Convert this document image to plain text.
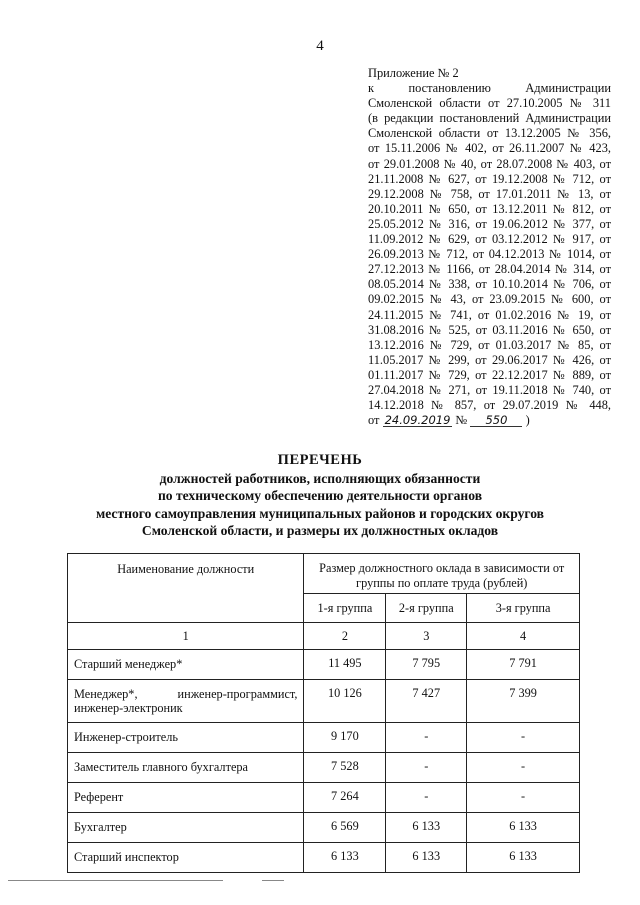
4
Приложение № 2
к постановлению Администрации
Смоленской области от 27.10.2005 № 311
(в редакции постановлений Администрации
Смоленской области от 13.12.2005 № 356,
от 15.11.2006 № 402, от 26.11.2007 № 423,
от 29.01.2008 № 40, от 28.07.2008 № 403, от
21.11.2008 № 627, от 19.12.2008 № 712, от
29.12.2008 № 758, от 17.01.2011 № 13, от
20.10.2011 № 650, от 13.12.2011 № 812, от
25.05.2012 № 316, от 19.06.2012 № 377, от
11.09.2012 № 629, от 03.12.2012 № 917, от
26.09.2013 № 712, от 04.12.2013 № 1014, от
27.12.2013 № 1166, от 28.04.2014 № 314, от
08.05.2014 № 338, от 10.10.2014 № 706, от
09.02.2015 № 43, от 23.09.2015 № 600, от
24.11.2015 № 741, от 01.02.2016 № 19, от
31.08.2016 № 525, от 03.11.2016 № 650, от
13.12.2016 № 729, от 01.03.2017 № 85, от
11.05.2017 № 299, от 29.06.2017 № 426, от
01.11.2017 № 729, от 22.12.2017 № 889, от
27.04.2018 № 271, от 19.11.2018 № 740, от
14.12.2018 № 857, от 29.07.2019 № 448,
от 24.09.2019 № 550 )
ПЕРЕЧЕНЬ
должностей работников, исполняющих обязанности
по техническому обеспечению деятельности органов
местного самоуправления муниципальных районов и городских округов
Смоленской области, и размеры их должностных окладов
Наименование должности	Размер должностного оклада в зависимости от группы по оплате труда (рублей)		
	1-я группа	2-я группа	3-я группа
1	2	3	4
Старший менеджер*	11 495	7 795	7 791

Менеджер*, инженер-программист,
инженер-электроник	10 126	7 427	7 399
Инженер-строитель	9 170	-	-
Заместитель главного бухгалтера	7 528	-	-
Референт	7 264	-	-
Бухгалтер	6 569	6 133	6 133
Старший инспектор	6 133	6 133	6 133
